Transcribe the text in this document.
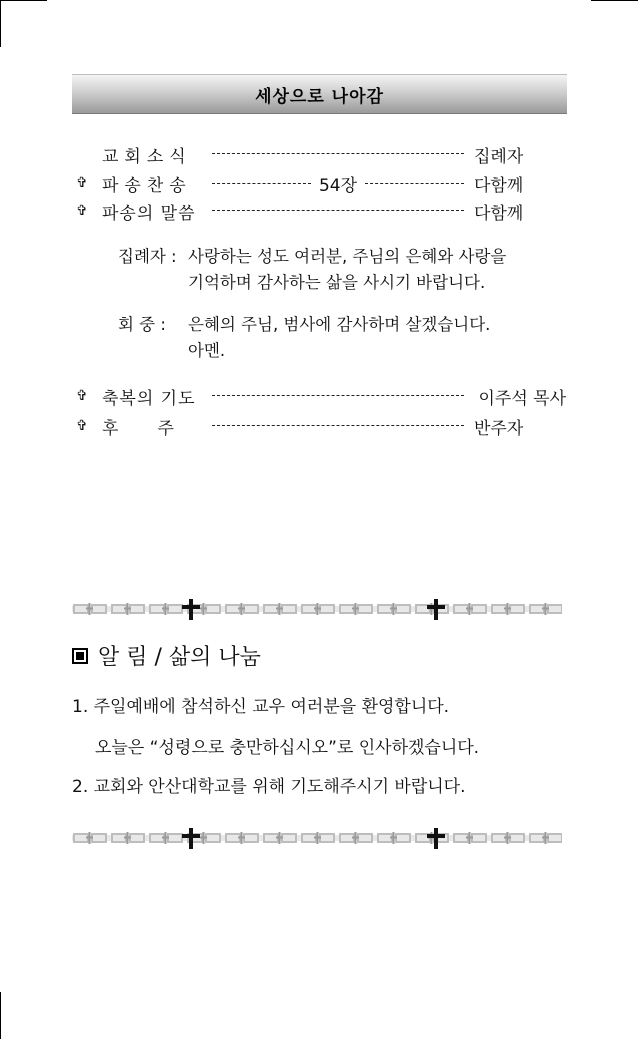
세상으로 나아감
교회소식	집례자
✞ 파송찬송	54장	다함께
✞ 파송의 말씀	다함께
집례자 : 사랑하는 성도 여러분, 주님의 은혜와 사랑을
기억하며 감사하는 삶을 사시기 바랍니다.
회 중 : 은혜의 주님, 범사에 감사하며 살겠습니다.
아멘.
✞ 축복의 기도	이주석 목사
✞ 후     주	반주자
알 림 / 삶의 나눔
1. 주일예배에 참석하신 교우 여러분을 환영합니다.
오늘은 “성령으로 충만하십시오”로 인사하겠습니다.
2. 교회와 안산대학교를 위해 기도해주시기 바랍니다.
